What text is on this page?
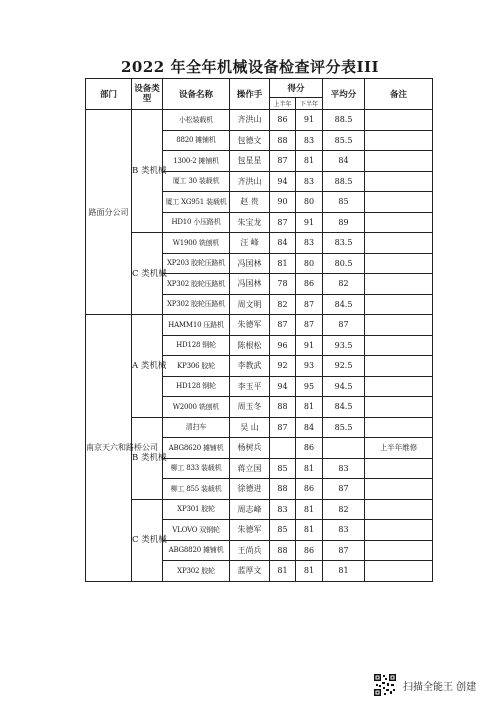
2022 年全年机械设备检查评分表III
部门	设备类型	设备名称	操作手	得分		平均分	备注
				上半年	下半年		
路面分公司	B 类机械	小松装载机	齐洪山	86	91	88.5	
		8820 摊铺机	包德文	88	83	85.5	
		1300-2 摊铺机	包星星	87	81	84	
		厦工 30 装载机	齐洪山	94	83	88.5	
		厦工 XG951 装载机	赵 贵	90	80	85	
		HD10 小压路机	朱宝龙	87	91	89	
	C 类机械	W1900 铣刨机	汪 峰	84	83	83.5	
		XP203 胶轮压路机	冯国林	81	80	80.5	
		XP302 胶轮压路机	冯国林	78	86	82	
		XP302 胶轮压路机	周文明	82	87	84.5	
南京天六和路桥公司	A 类机械	HAMM10 压路机	朱德军	87	87	87	
		HD128 钢轮	陈根松	96	91	93.5	
		KP306 胶轮	李教武	92	93	92.5	
		HD128 钢轮	李玉平	94	95	94.5	
		W2000 铣刨机	周玉冬	88	81	84.5	
	B 类机械	清扫车	吴 山	87	84	85.5	
		ABG8620 摊铺机	杨树兵		86		上半年维修
		柳工 833 装载机	蒋立国	85	81	83	
		柳工 855 装载机	徐德进	88	86	87	
	C 类机械	XP301 胶轮	周志峰	83	81	82	
		VLOVO 双钢轮	朱德军	85	81	83	
		ABG8820 摊铺机	王尚兵	88	86	87	
		XP302 胶轮	蓝厚文	81	81	81	
扫描全能王 创建
